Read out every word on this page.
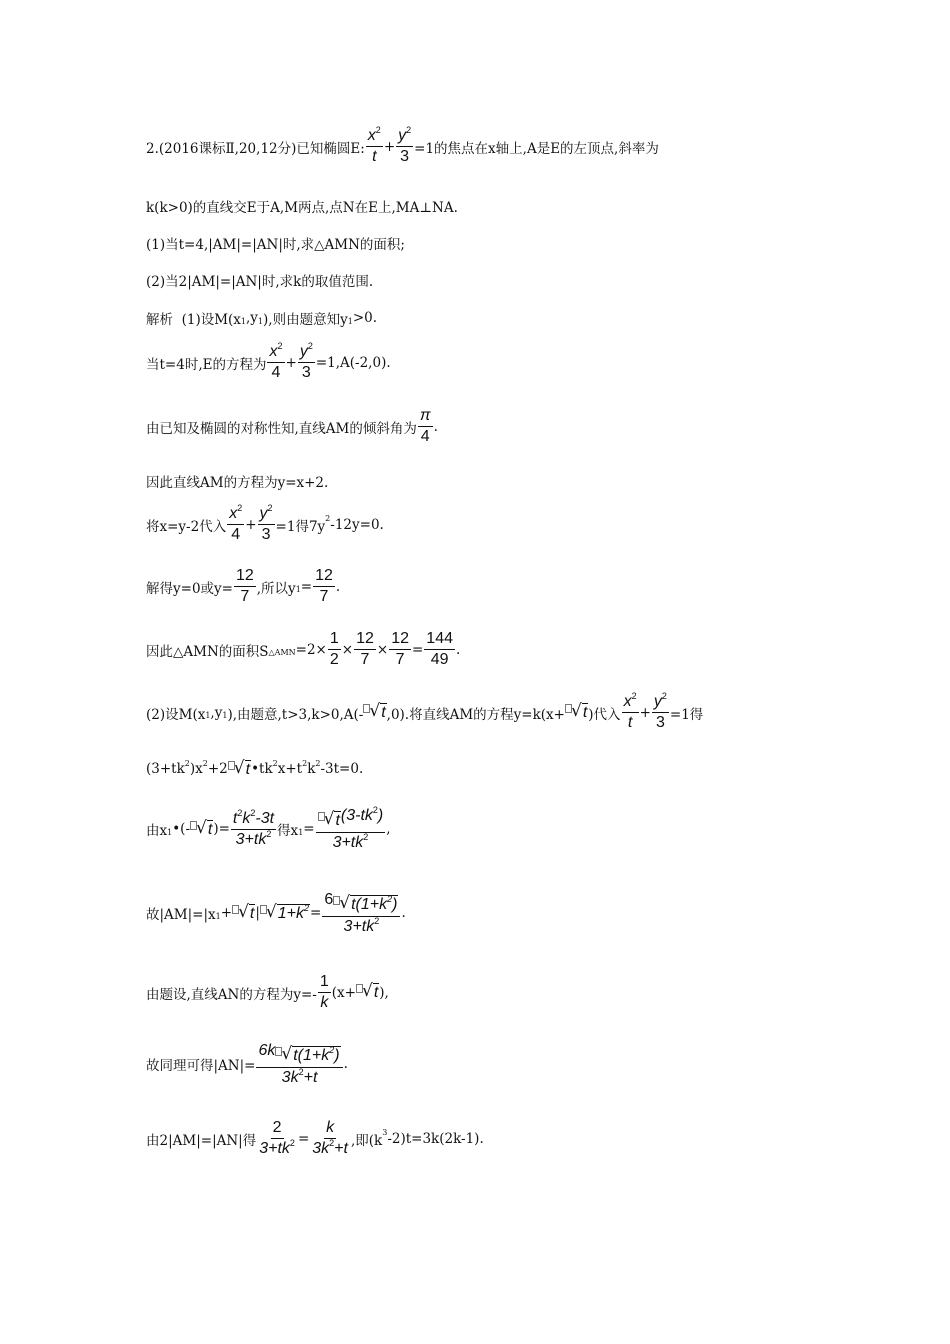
2.(2016课标Ⅱ,20,12分)已知椭圆E: $\frac{x^2}{t} + \frac{y^2}{3} =1$的焦点在x轴上,A是E的左顶点,斜率为
k(k>0)的直线交E于A,M两点,点N在E上,MA⊥NA.
(1)当t=4,|AM|=|AN|时,求△AMN的面积;
(2)当2|AM|=|AN|时,求k的取值范围.
解析  (1)设M(x 1 ,y 1 ),则由题意知y 1 >0.
当t=4时,E的方程为 $\frac{x^2}{4} + \frac{y^2}{3} =1,A(-2,0)$.
由已知及椭圆的对称性知,直线AM的倾斜角为 $\frac{\pi}{4}$ .
因此直线AM的方程为y=x+2.
将x=y-2代入 $\frac{x^2}{4} + \frac{y^2}{3} =1$得7y 2 -12y=0.
解得y=0或$y= \frac{12}{7}$ ,所以y $1 = \frac{12}{7}$ .
因此△AMN的面积S △AMN $=2\times \frac{1}{2} \times \frac{12}{7} \times \frac{12}{7} = \frac{144}{49}$ .
(2)设M(x 1 ,y 1 ),由题意,t>3,k>0,A(- √ t ,0).将直线AM的方程y=k(x+ √ t )代入 $\frac{x^2}{t} + \frac{y^2}{3} =1$得
(3+tk 2 )x 2 +2 √ t •tk 2 x+t 2 k 2 -3t=0.
由x 1 •(- √ t )= $\frac{t^2k^2-3t}{3+tk^2}$ 得x $1 = \frac{√ t (3-tk^2)}{3+tk^2}$ ,
故|AM|=|x 1 + √ t | √ $1+k^2 = \frac{6 √ t(1+k^2)}{3+tk^2}$ .
由题设,直线AN的方程为$y=- \frac{1}{k} (x+$ √ t ),
故同理可得$|AN|= \frac{6k √ t(1+k^2)}{3k^2+t}$ .
由2|AM|=|AN|得 $\frac{2}{3+tk^2} = \frac{k}{3k^2+t}$ ,即(k 3 -2)t=3k(2k-1).
